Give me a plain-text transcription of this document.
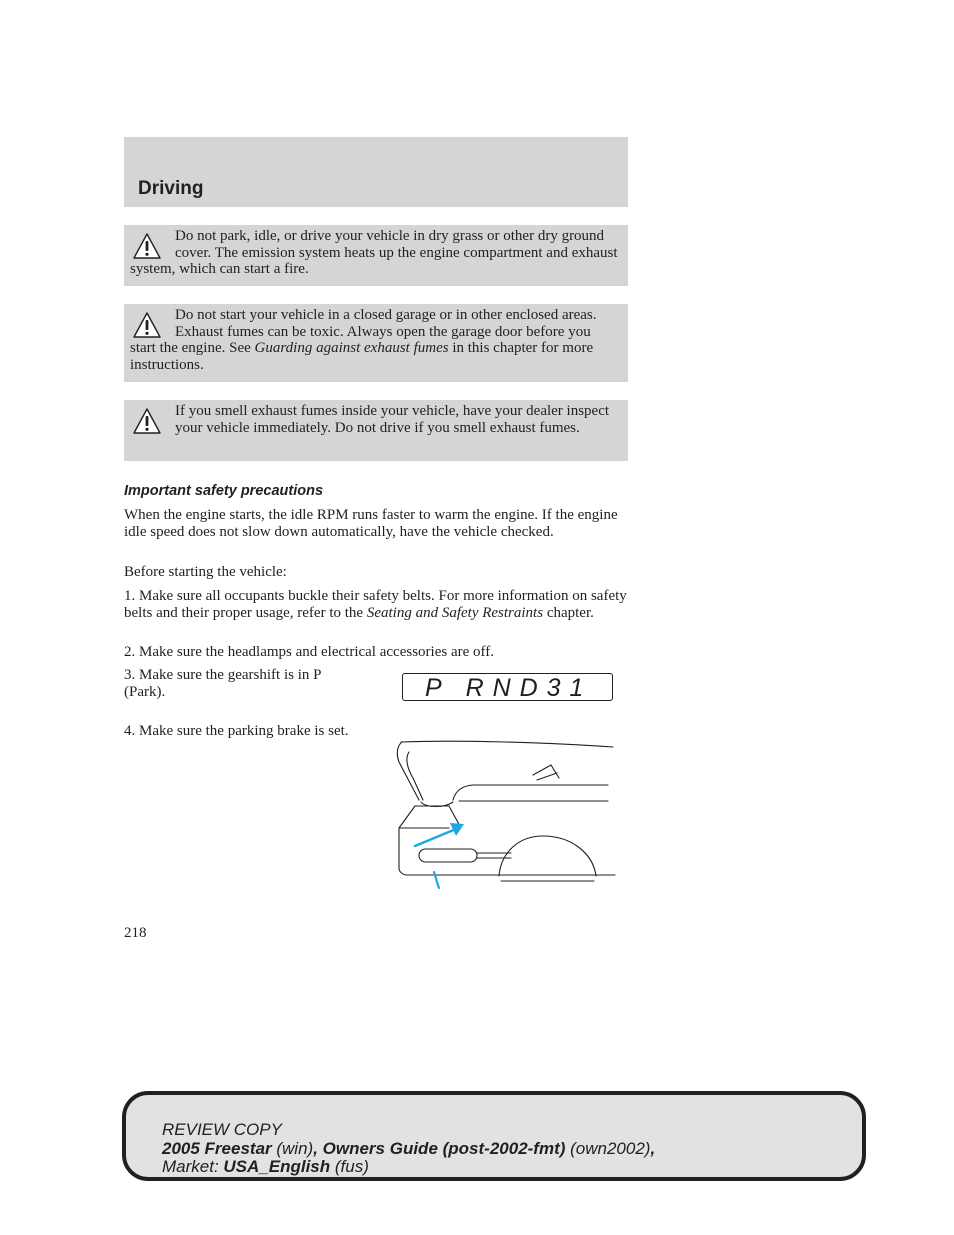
Driving

Do not park, idle, or drive your vehicle in dry grass or other dry ground cover. The emission system heats up the engine compartment and exhaust system, which can start a fire.

Do not start your vehicle in a closed garage or in other enclosed areas. Exhaust fumes can be toxic. Always open the garage door before you start the engine. See Guarding against exhaust fumes in this chapter for more instructions.

If you smell exhaust fumes inside your vehicle, have your dealer inspect your vehicle immediately. Do not drive if you smell exhaust fumes.

Important safety precautions

When the engine starts, the idle RPM runs faster to warm the engine. If the engine idle speed does not slow down automatically, have the vehicle checked.

Before starting the vehicle:

1. Make sure all occupants buckle their safety belts. For more information on safety belts and their proper usage, refer to the Seating and Safety Restraints chapter.

2. Make sure the headlamps and electrical accessories are off.

3. Make sure the gearshift is in P (Park).

4. Make sure the parking brake is set.

P   R N D 3 1

218

REVIEW COPY
2005 Freestar (win), Owners Guide (post-2002-fmt) (own2002),
Market: USA_English (fus)
